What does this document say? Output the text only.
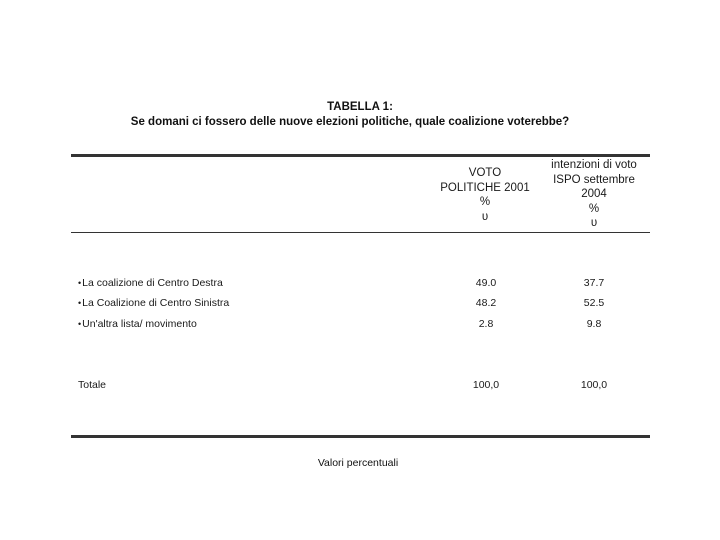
TABELLA 1:
Se domani ci fossero delle nuove elezioni politiche, quale coalizione voterebbe?
VOTO
POLITICHE 2001
%
υ
intenzioni di voto
ISPO settembre
2004
%
υ
•La coalizione di Centro Destra	49.0	37.7
•La Coalizione di Centro Sinistra	48.2	52.5
•Un'altra lista/ movimento	2.8	9.8
Totale	100,0	100,0
Valori percentuali
